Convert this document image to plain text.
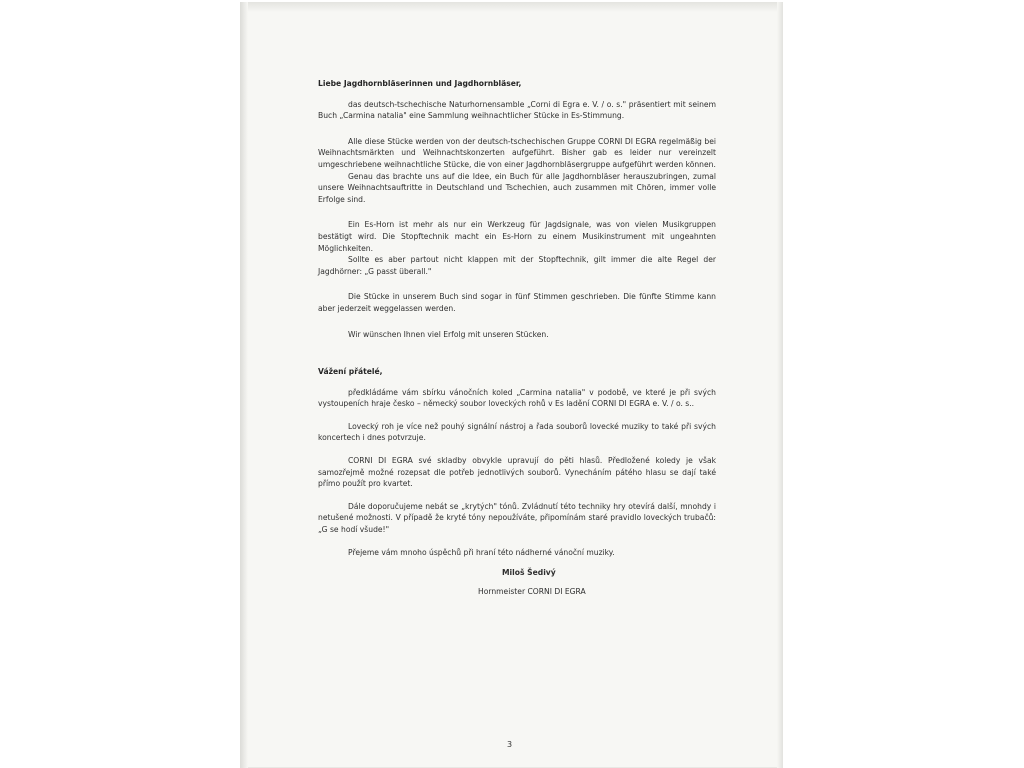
Liebe Jagdhornbläserinnen und Jagdhornbläser,

das deutsch-tschechische Naturhornensamble „Corni di Egra e. V. / o. s." präsentiert mit seinem Buch „Carmina natalia" eine Sammlung weihnachtlicher Stücke in Es-Stimmung.

Alle diese Stücke werden von der deutsch-tschechischen Gruppe CORNI DI EGRA regelmäßig bei Weihnachtsmärkten und Weihnachtskonzerten aufgeführt. Bisher gab es leider nur vereinzelt umgeschriebene weihnachtliche Stücke, die von einer Jagdhornbläsergruppe aufgeführt werden können.

Genau das brachte uns auf die Idee, ein Buch für alle Jagdhornbläser herauszubringen, zumal unsere Weihnachtsauftritte in Deutschland und Tschechien, auch zusammen mit Chören, immer volle Erfolge sind.

Ein Es-Horn ist mehr als nur ein Werkzeug für Jagdsignale, was von vielen Musikgruppen bestätigt wird. Die Stopftechnik macht ein Es-Horn zu einem Musikinstrument mit ungeahnten Möglichkeiten.

Sollte es aber partout nicht klappen mit der Stopftechnik, gilt immer die alte Regel der Jagdhörner: „G passt überall."

Die Stücke in unserem Buch sind sogar in fünf Stimmen geschrieben. Die fünfte Stimme kann aber jederzeit weggelassen werden.

Wir wünschen Ihnen viel Erfolg mit unseren Stücken.

Vážení přátelé,

předkládáme vám sbírku vánočních koled „Carmina natalia" v podobě, ve které je při svých vystoupeních hraje česko – německý soubor loveckých rohů v Es ladění CORNI DI EGRA e. V. / o. s..

Lovecký roh je více než pouhý signální nástroj a řada souborů lovecké muziky to také při svých koncertech i dnes potvrzuje.

CORNI DI EGRA své skladby obvykle upravují do pěti hlasů. Předložené koledy je však samozřejmě možné rozepsat dle potřeb jednotlivých souborů. Vynecháním pátého hlasu se dají také přímo použít pro kvartet.

Dále doporučujeme nebát se „krytých" tónů. Zvládnutí této techniky hry otevírá další, mnohdy i netušené možnosti. V případě že kryté tóny nepoužíváte, připomínám staré pravidlo loveckých trubačů: „G se hodí všude!"

Přejeme vám mnoho úspěchů při hraní této nádherné vánoční muziky.

Miloš Šedivý
Hornmeister CORNI DI EGRA
3
